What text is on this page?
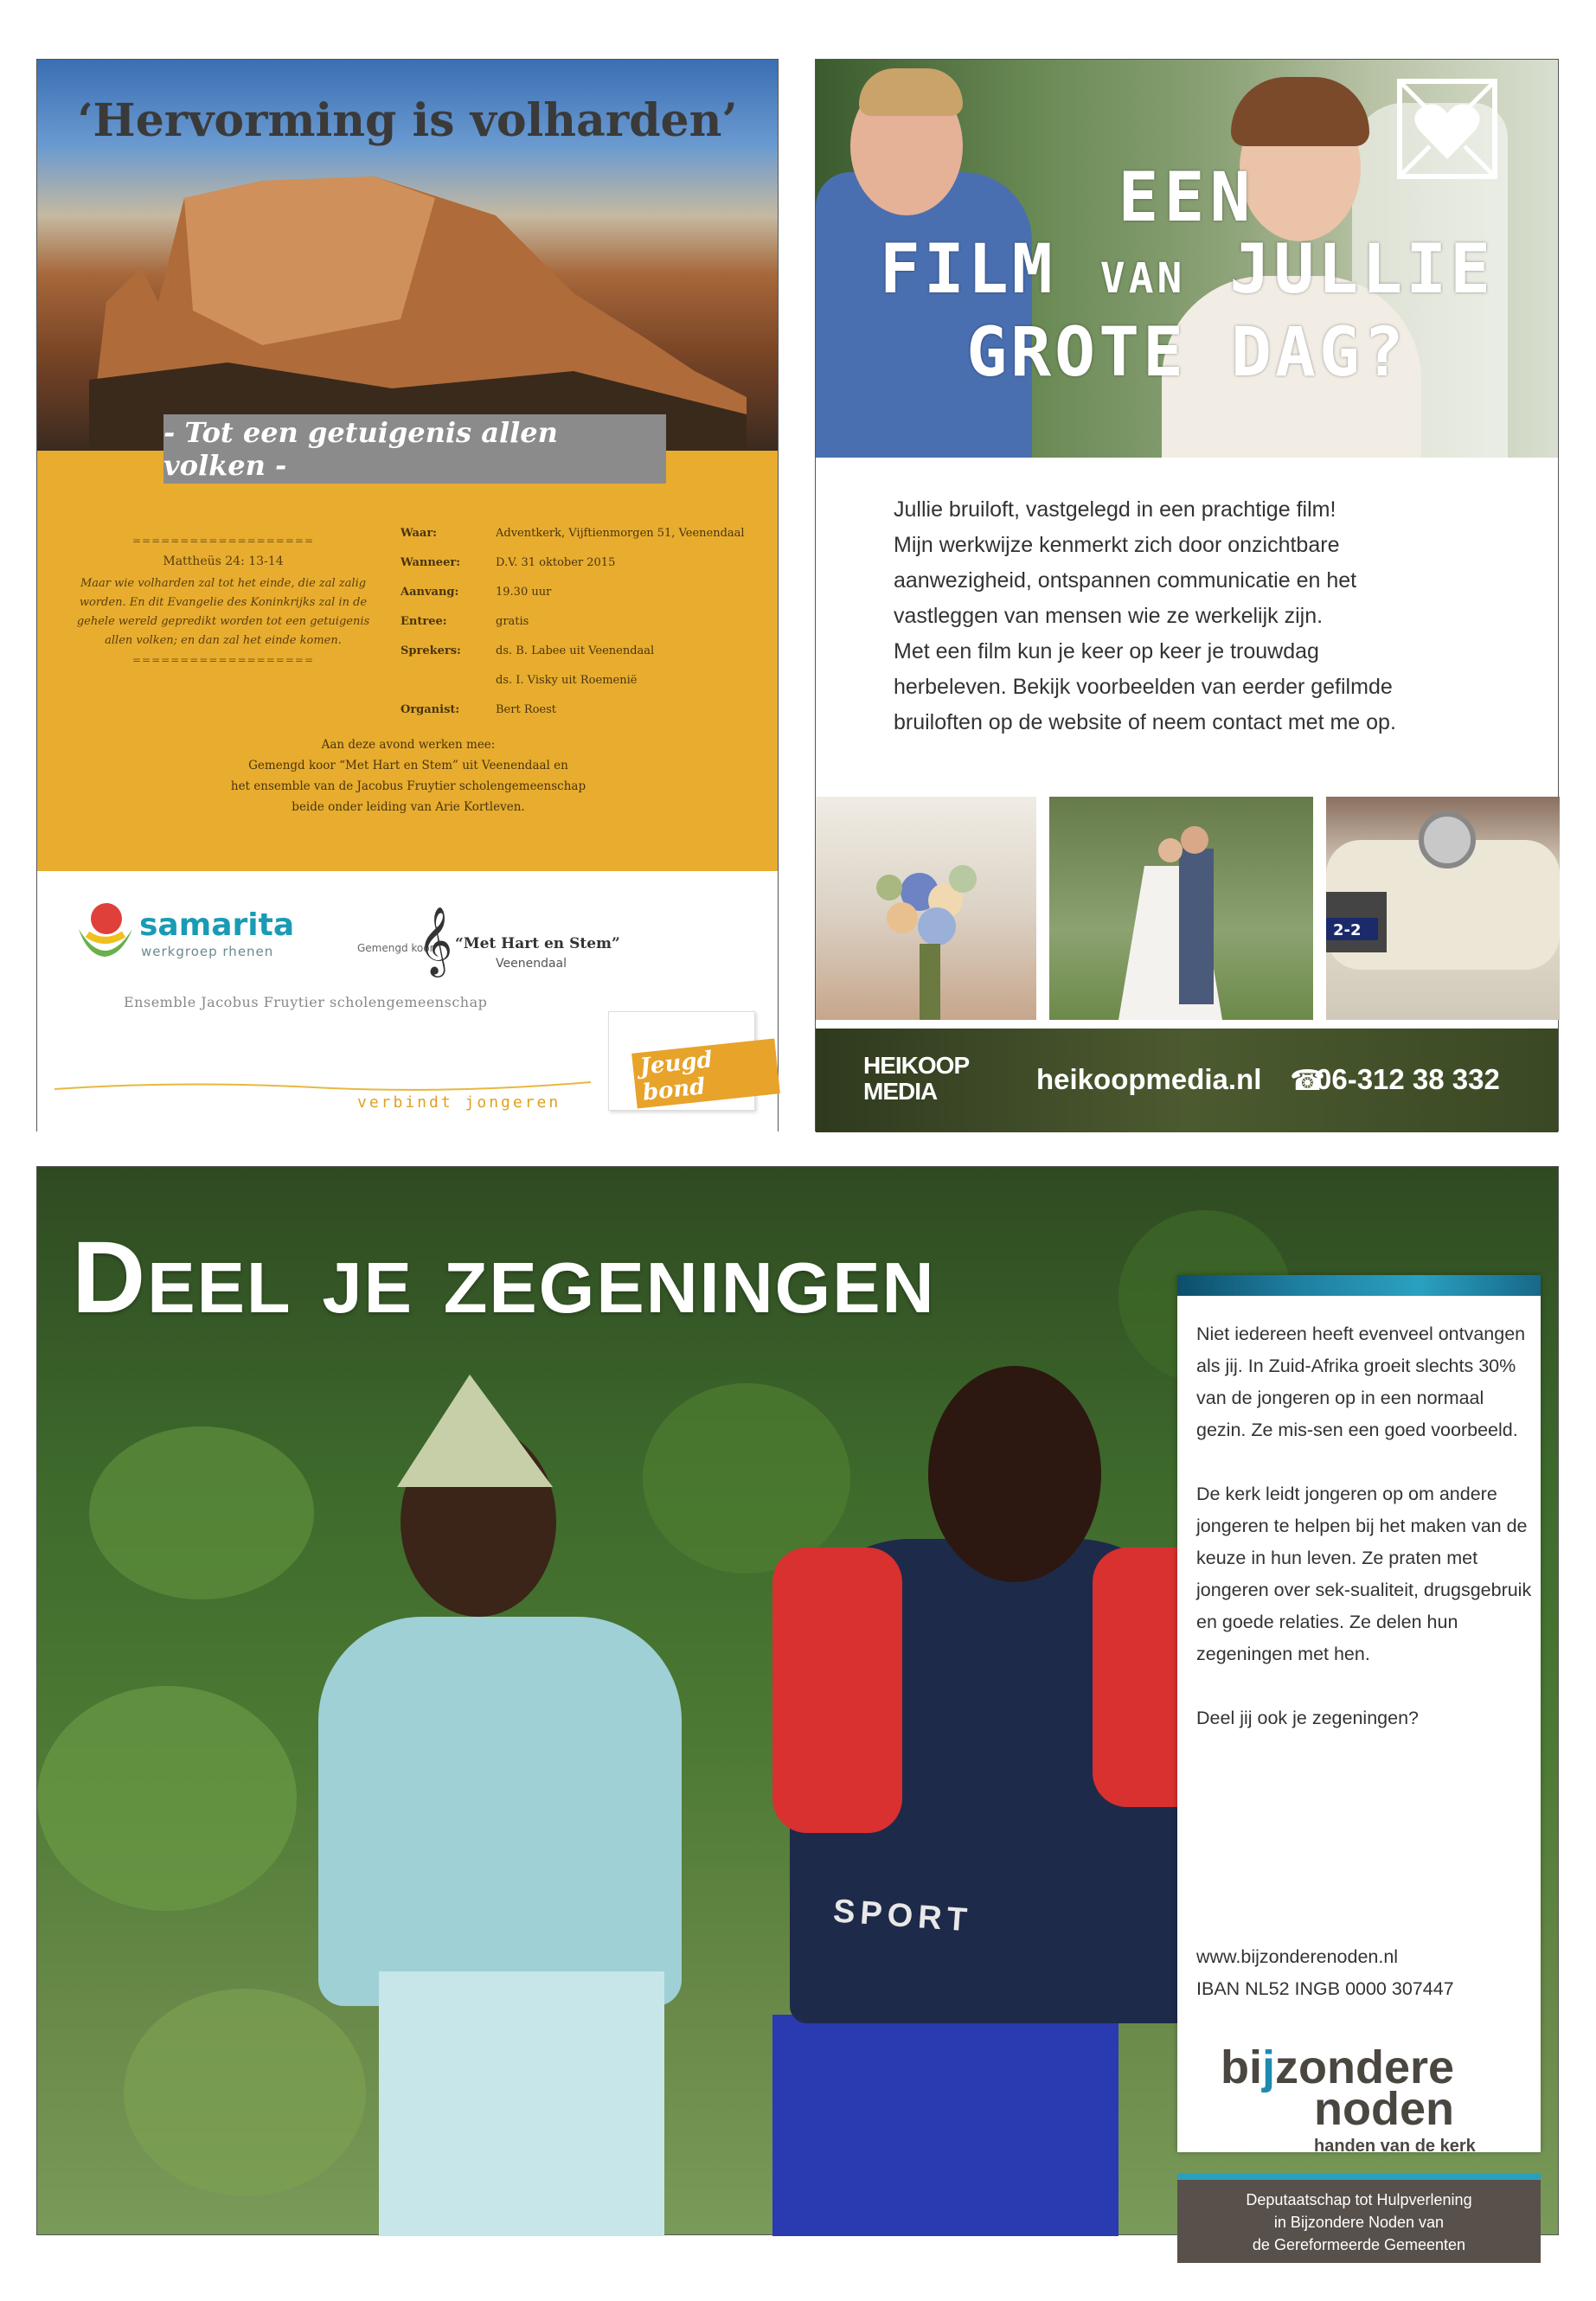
‘Hervorming is volharden’
- Tot een getuigenis allen volken -
===================
Mattheüs 24: 13-14
Maar wie volharden zal tot het einde, die zal zalig worden. En dit Evangelie des Koninkrijks zal in de gehele wereld gepredikt worden tot een getuigenis allen volken; en dan zal het einde komen.
===================
Waar:	Adventkerk, Vijftienmorgen 51, Veenendaal
Wanneer:	D.V. 31 oktober 2015
Aanvang:	19.30 uur
Entree:	gratis
Sprekers:	ds. B. Labee uit Veenendaal
ds. I. Visky uit Roemenië
Organist:	Bert Roest
Aan deze avond werken mee:
Gemengd koor “Met Hart en Stem” uit Veenendaal en
het ensemble van de Jacobus Fruytier scholengemeenschap
beide onder leiding van Arie Kortleven.
samarita
werkgroep rhenen	Gemengd koor
𝄞 “Met Hart en Stem”
Veenendaal
Ensemble Jacobus Fruytier scholengemeenschap
Jeugd bond
verbindt jongeren
EEN
FILM VAN JULLIE
GROTE DAG?

Jullie bruiloft, vastgelegd in een prachtige film!

Mijn werkwijze kenmerkt zich door onzichtbare

aanwezigheid, ontspannen communicatie en het

vastleggen van mensen wie ze werkelijk zijn.

Met een film kun je keer op keer je trouwdag

herbeleven. Bekijk voorbeelden van eerder gefilmde

bruiloften op de website of neem contact met me op.

2-2
HEIKOOP
MEDIA	heikoopmedia.nl ☎
06-312 38 332
Deel je zegeningen
SPORT

Niet iedereen heeft evenveel ontvangen als jij. In Zuid-Afrika groeit slechts 30% van de jongeren op in een normaal gezin. Ze mis-sen een goed voorbeeld.

De kerk leidt jongeren op om andere jongeren te helpen bij het maken van de keuze in hun leven. Ze praten met jongeren over sek-sualiteit, drugsgebruik en goede relaties. Ze delen hun zegeningen met hen.

Deel jij ook je zegeningen?

www.bijzonderenoden.nl
IBAN NL52 INGB 0000 307447
bijzondere
noden
handen van de kerk
Deputaatschap tot Hulpverlening
in Bijzondere Noden van
de Gereformeerde Gemeenten
